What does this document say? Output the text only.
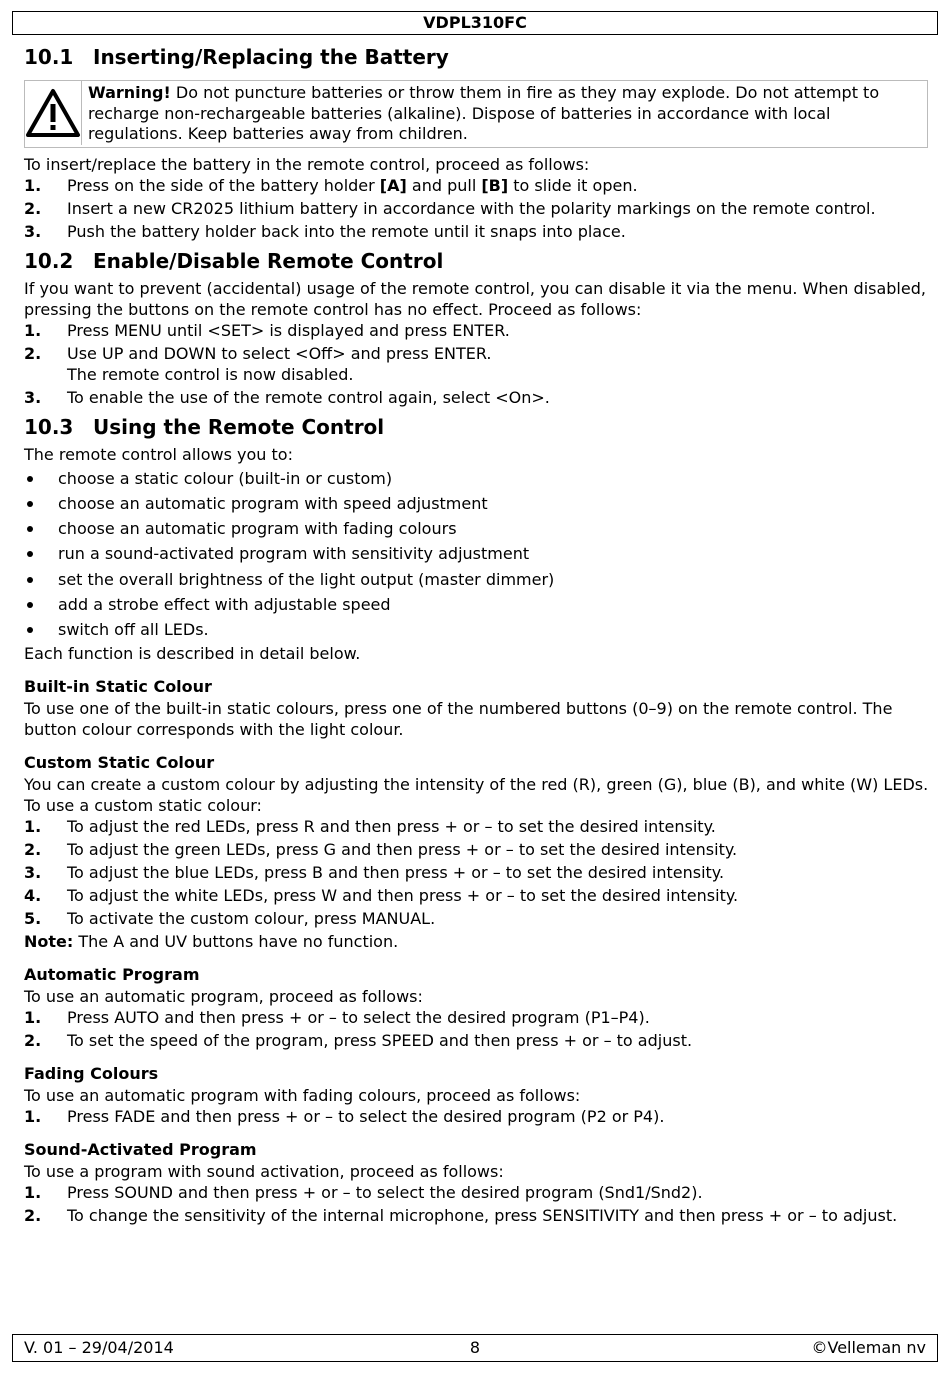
VDPL310FC
10.1 Inserting/Replacing the Battery
Warning! Do not puncture batteries or throw them in fire as they may explode. Do not attempt to recharge non-rechargeable batteries (alkaline). Dispose of batteries in accordance with local regulations. Keep batteries away from children.

To insert/replace the battery in the remote control, proceed as follows:

1. Press on the side of the battery holder [A] and pull [B] to slide it open.
2. Insert a new CR2025 lithium battery in accordance with the polarity markings on the remote control.
3. Push the battery holder back into the remote until it snaps into place.
10.2 Enable/Disable Remote Control

If you want to prevent (accidental) usage of the remote control, you can disable it via the menu. When disabled, pressing the buttons on the remote control has no effect. Proceed as follows:

1. Press MENU until <SET> is displayed and press ENTER.
2. Use UP and DOWN to select <Off> and press ENTER.
The remote control is now disabled.
3. To enable the use of the remote control again, select <On>.
10.3 Using the Remote Control

The remote control allows you to:

choose a static colour (built-in or custom)
choose an automatic program with speed adjustment
choose an automatic program with fading colours
run a sound-activated program with sensitivity adjustment
set the overall brightness of the light output (master dimmer)
add a strobe effect with adjustable speed
switch off all LEDs.

Each function is described in detail below.

Built-in Static Colour

To use one of the built-in static colours, press one of the numbered buttons (0–9) on the remote control. The button colour corresponds with the light colour.

Custom Static Colour

You can create a custom colour by adjusting the intensity of the red (R), green (G), blue (B), and white (W) LEDs. To use a custom static colour:

1. To adjust the red LEDs, press R and then press + or – to set the desired intensity.
2. To adjust the green LEDs, press G and then press + or – to set the desired intensity.
3. To adjust the blue LEDs, press B and then press + or – to set the desired intensity.
4. To adjust the white LEDs, press W and then press + or – to set the desired intensity.
5. To activate the custom colour, press MANUAL.

Note: The A and UV buttons have no function.

Automatic Program

To use an automatic program, proceed as follows:

1. Press AUTO and then press + or – to select the desired program (P1–P4).
2. To set the speed of the program, press SPEED and then press + or – to adjust.
Fading Colours

To use an automatic program with fading colours, proceed as follows:

1. Press FADE and then press + or – to select the desired program (P2 or P4).
Sound-Activated Program

To use a program with sound activation, proceed as follows:

1. Press SOUND and then press + or – to select the desired program (Snd1/Snd2).
2. To change the sensitivity of the internal microphone, press SENSITIVITY and then press + or – to adjust.
V. 01 – 29/04/2014	8	©Velleman nv
